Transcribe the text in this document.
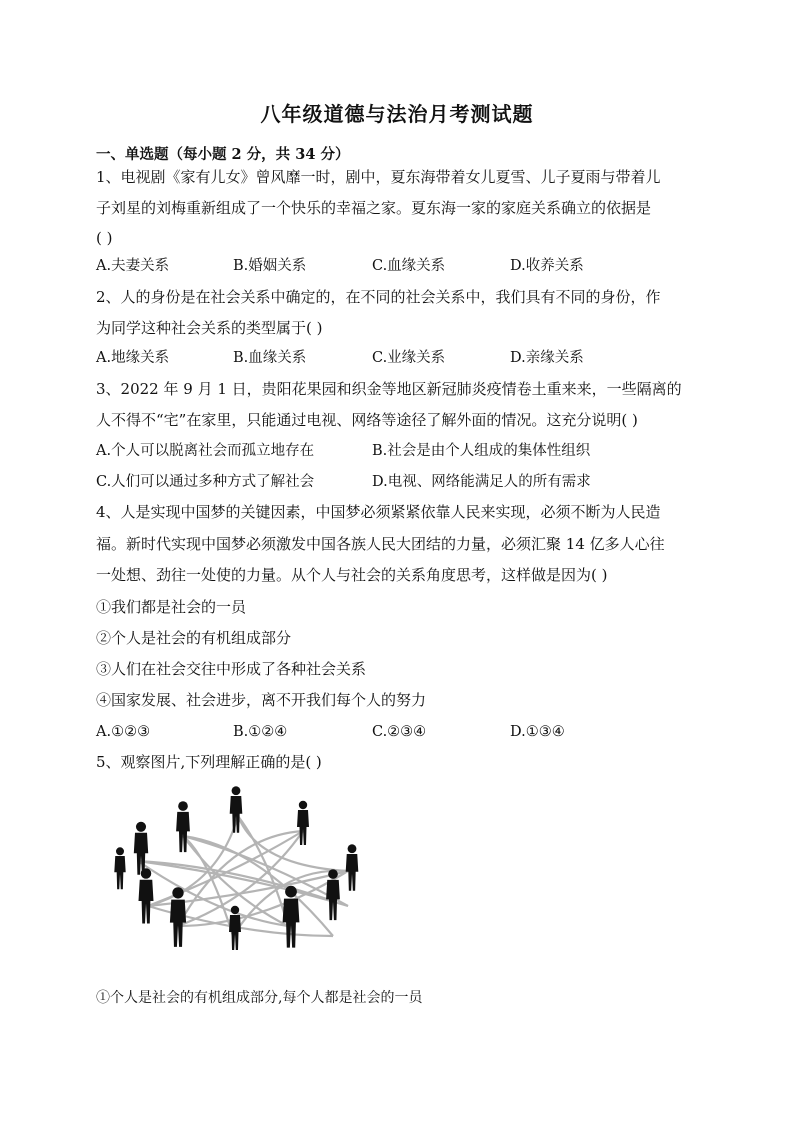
八年级道德与法治月考测试题
一、单选题（每小题 2 分，共 34 分）
1、电视剧《家有儿女》曾风靡一时，剧中，夏东海带着女儿夏雪、儿子夏雨与带着儿
子刘星的刘梅重新组成了一个快乐的幸福之家。夏东海一家的家庭关系确立的依据是
( )
A.夫妻关系	B.婚姻关系	C.血缘关系	D.收养关系
2、人的身份是在社会关系中确定的，在不同的社会关系中，我们具有不同的身份，作
为同学这种社会关系的类型属于( )
A.地缘关系	B.血缘关系	C.业缘关系	D.亲缘关系
3、2022 年 9 月 1 日，贵阳花果园和织金等地区新冠肺炎疫情卷土重来来，一些隔离的
人不得不“宅”在家里，只能通过电视、网络等途径了解外面的情况。这充分说明( )
A.个人可以脱离社会而孤立地存在	B.社会是由个人组成的集体性组织
C.人们可以通过多种方式了解社会	D.电视、网络能满足人的所有需求
4、人是实现中国梦的关键因素，中国梦必须紧紧依靠人民来实现，必须不断为人民造
福。新时代实现中国梦必须激发中国各族人民大团结的力量，必须汇聚 14 亿多人心往
一处想、劲往一处使的力量。从个人与社会的关系角度思考，这样做是因为( )
①我们都是社会的一员
②个人是社会的有机组成部分
③人们在社会交往中形成了各种社会关系
④国家发展、社会进步，离不开我们每个人的努力
A.①②③	B.①②④	C.②③④	D.①③④
5、观察图片,下列理解正确的是( )
①个人是社会的有机组成部分,每个人都是社会的一员
